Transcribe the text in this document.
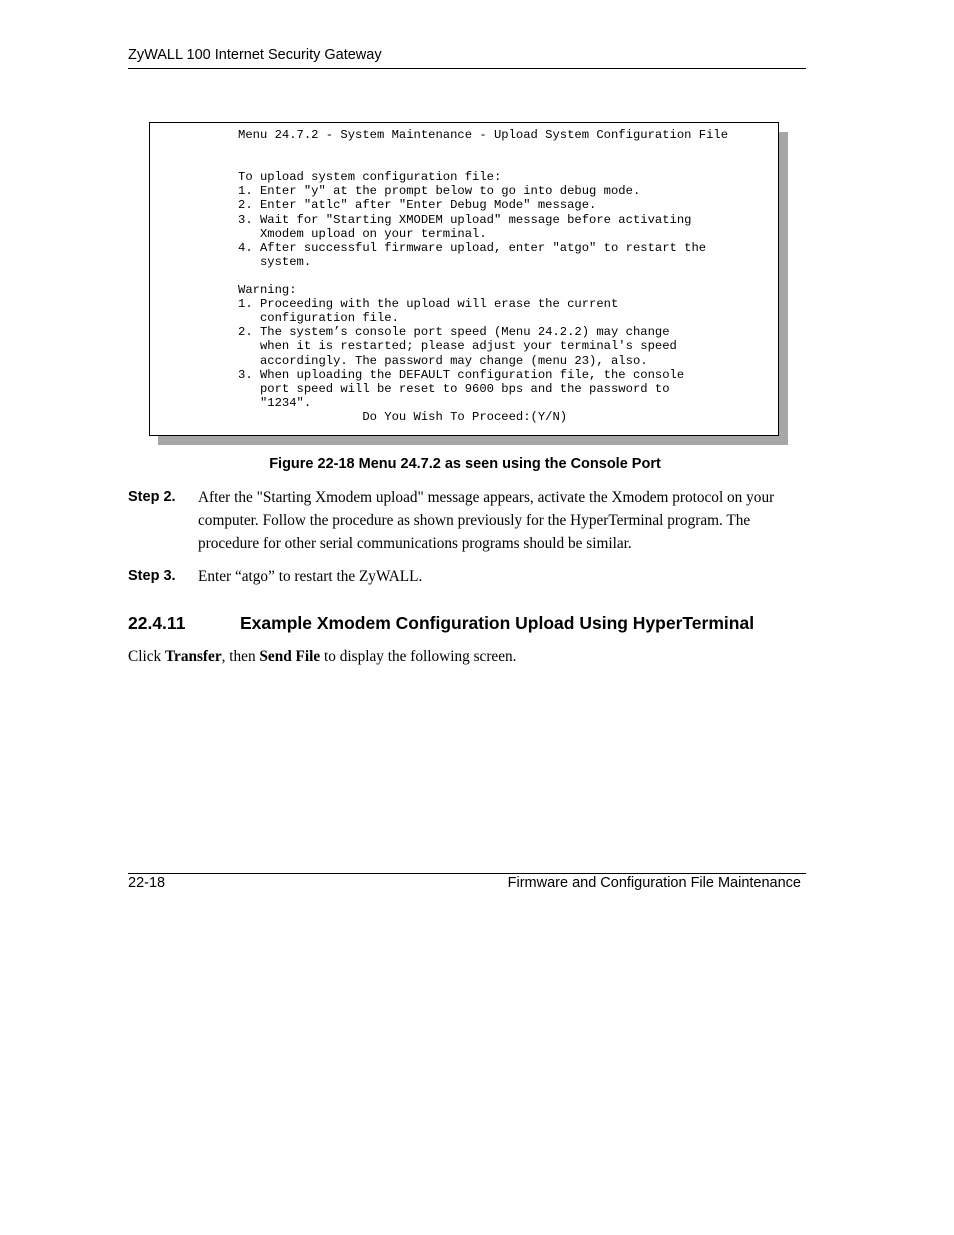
ZyWALL 100 Internet Security Gateway
Menu 24.7.2 - System Maintenance - Upload System Configuration File

To upload system configuration file:
1. Enter "y" at the prompt below to go into debug mode.
2. Enter "atlc" after "Enter Debug Mode" message.
3. Wait for "Starting XMODEM upload" message before activating
Xmodem upload on your terminal.
4. After successful firmware upload, enter "atgo" to restart the
system.

Warning:
1. Proceeding with the upload will erase the current
configuration file.
2. The system’s console port speed (Menu 24.2.2) may change
when it is restarted; please adjust your terminal's speed
accordingly. The password may change (menu 23), also.
3. When uploading the DEFAULT configuration file, the console
port speed will be reset to 9600 bps and the password to
"1234".
Do You Wish To Proceed:(Y/N)
Figure 22-18 Menu 24.7.2 as seen using the Console Port
Step 2. After the "Starting Xmodem upload" message appears, activate the Xmodem protocol on your computer. Follow the procedure as shown previously for the HyperTerminal program. The procedure for other serial communications programs should be similar.
Step 3. Enter “atgo” to restart the ZyWALL.
22.4.11	Example Xmodem Configuration Upload Using HyperTerminal
Click Transfer, then Send File to display the following screen.
22-18	Firmware and Configuration File Maintenance
